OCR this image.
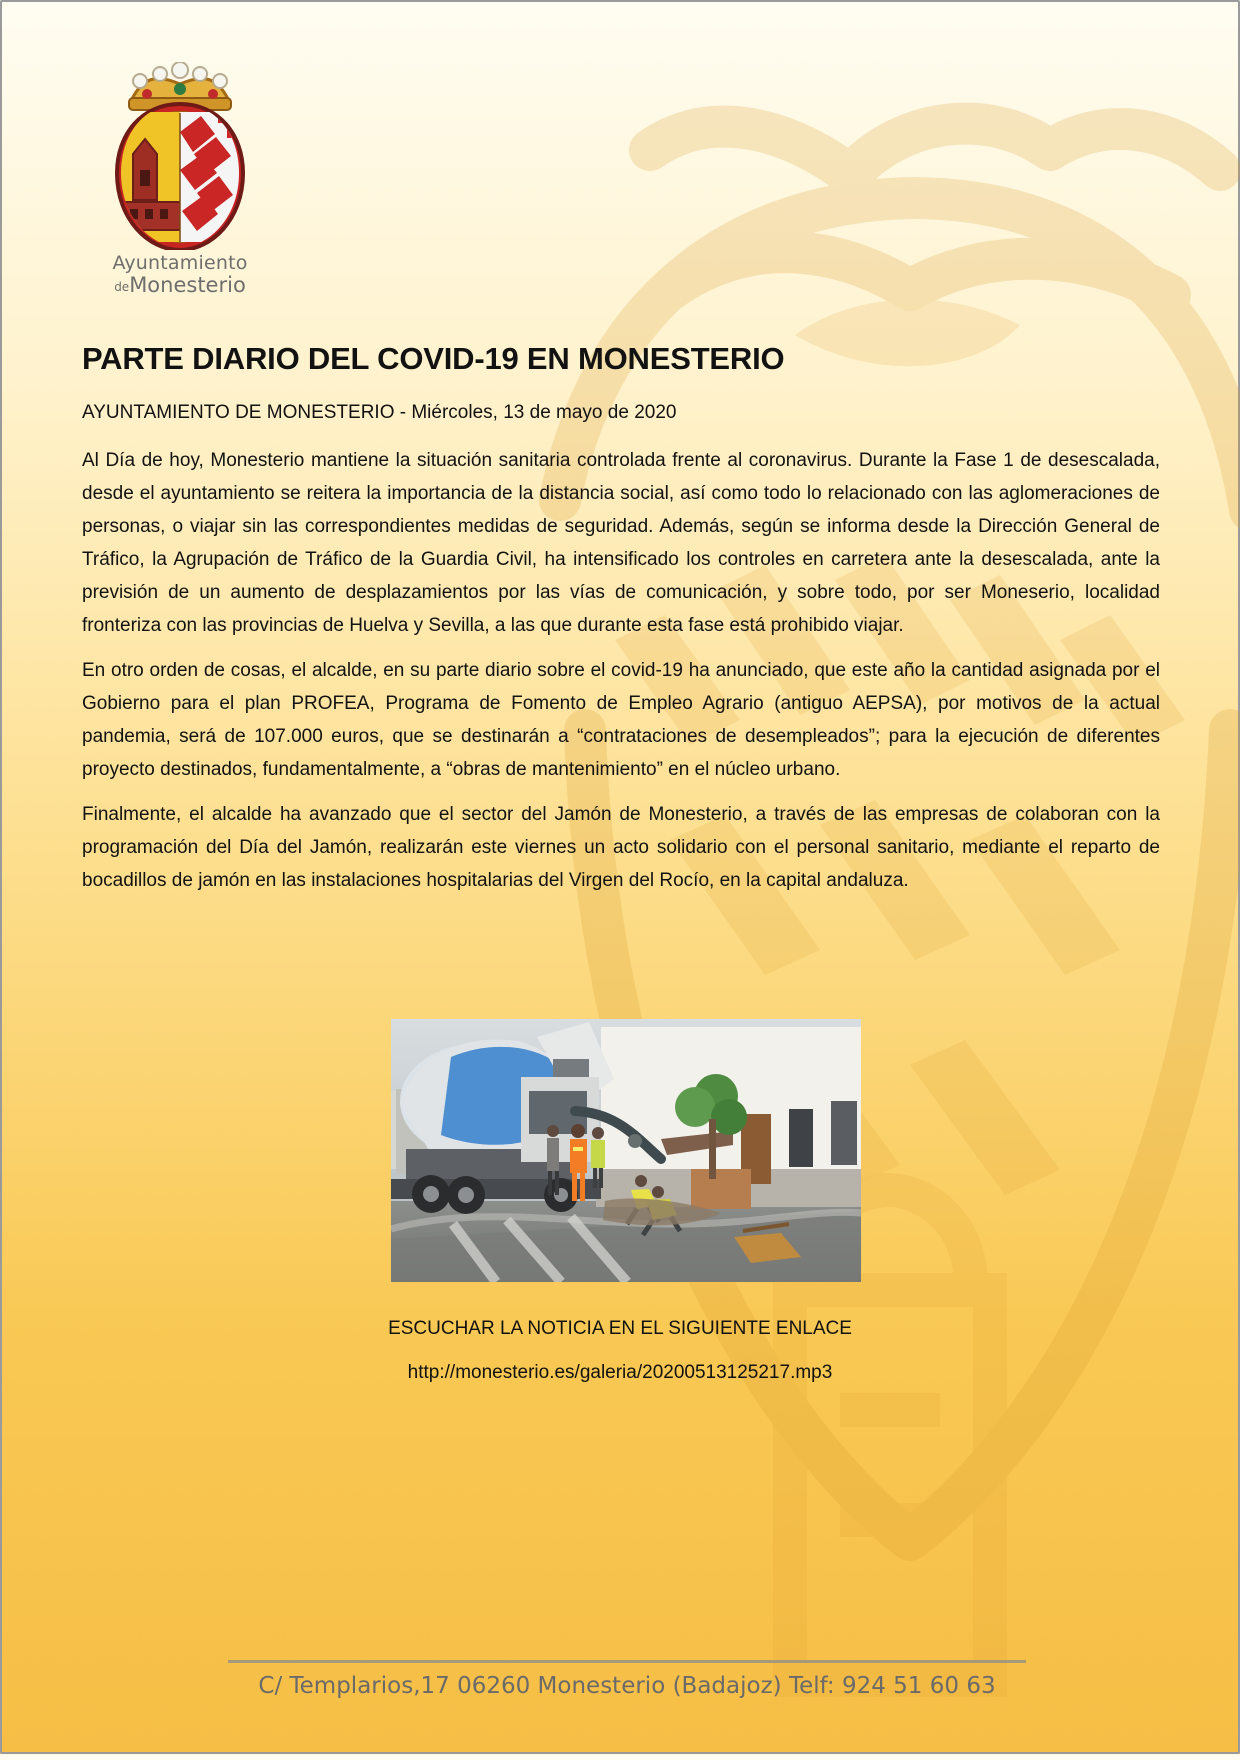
Ayuntamiento
deMonesterio
PARTE DIARIO DEL COVID-19 EN MONESTERIO

AYUNTAMIENTO DE MONESTERIO - Miércoles, 13 de mayo de 2020

Al Día de hoy, Monesterio mantiene la situación sanitaria controlada frente al coronavirus. Durante la Fase 1 de desescalada, desde el ayuntamiento se reitera la importancia de la distancia social, así como todo lo relacionado con las aglomeraciones de personas, o viajar sin las correspondientes medidas de seguridad. Además, según se informa desde la Dirección General de Tráfico, la Agrupación de Tráfico de la Guardia Civil, ha intensificado los controles en carretera ante la desescalada, ante la previsión de un aumento de desplazamientos por las vías de comunicación, y sobre todo, por ser Moneserio, localidad fronteriza con las provincias de Huelva y Sevilla, a las que durante esta fase está prohibido viajar.

En otro orden de cosas, el alcalde, en su parte diario sobre el covid-19 ha anunciado, que este año la cantidad asignada por el Gobierno para el plan PROFEA, Programa de Fomento de Empleo Agrario (antiguo AEPSA), por motivos de la actual pandemia, será de 107.000 euros, que se destinarán a “contrataciones de desempleados”; para la ejecución de diferentes proyecto destinados, fundamentalmente, a “obras de mantenimiento” en el núcleo urbano.

Finalmente, el alcalde ha avanzado que el sector del Jamón de Monesterio, a través de las empresas de colaboran con la programación del Día del Jamón, realizarán este viernes un acto solidario con el personal sanitario, mediante el reparto de bocadillos de jamón en las instalaciones hospitalarias del Virgen del Rocío, en la capital andaluza.

ESCUCHAR LA NOTICIA EN EL SIGUIENTE ENLACE

http://monesterio.es/galeria/20200513125217.mp3
C/ Templarios,17 06260 Monesterio (Badajoz) Telf: 924 51 60 63
